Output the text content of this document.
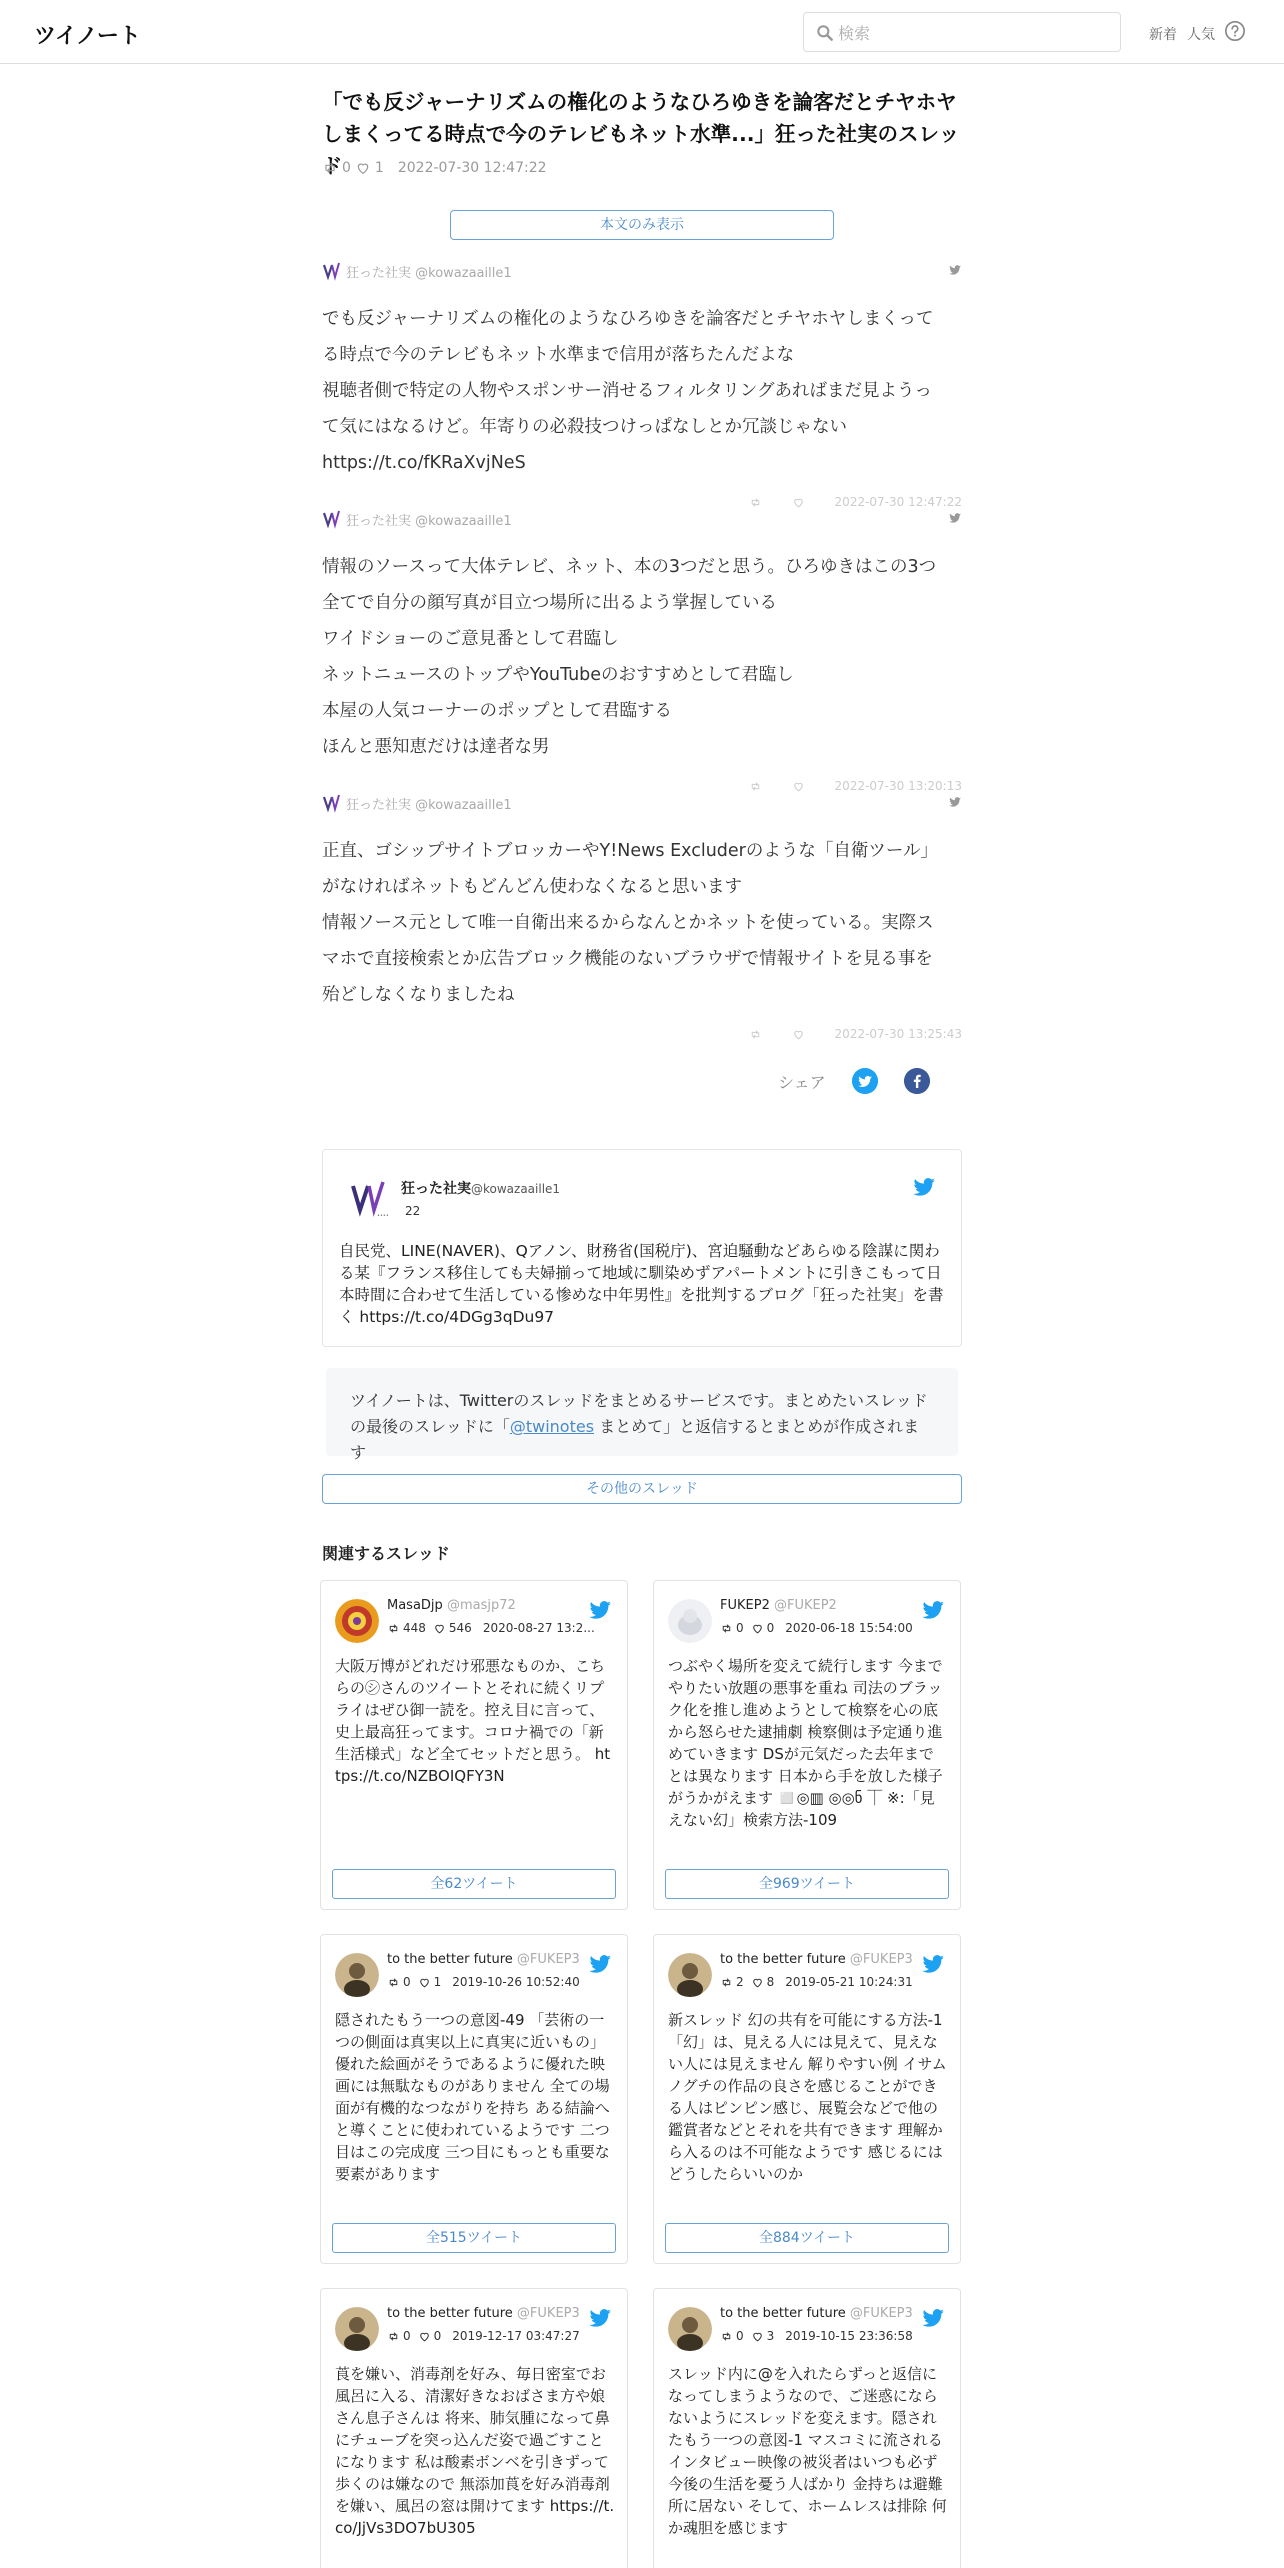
ツイノート
検索	新着 人気
「でも反ジャーナリズムの権化のようなひろゆきを論客だとチヤホヤしまくってる時点で今のテレビもネット水準...」狂った社実のスレッド 0 1 2022-07-30 12:47:22
本文のみ表示
狂った社実 @kowazaaille1

でも反ジャーナリズムの権化のようなひろゆきを論客だとチヤホヤしまくって

る時点で今のテレビもネット水準まで信用が落ちたんだよな

視聴者側で特定の人物やスポンサー消せるフィルタリングあればまだ見ようっ

て気にはなるけど。年寄りの必殺技つけっぱなしとか冗談じゃない

https://t.co/fKRaXvjNeS

2022-07-30 12:47:22
狂った社実 @kowazaaille1

情報のソースって大体テレビ、ネット、本の3つだと思う。ひろゆきはこの3つ

全てで自分の顔写真が目立つ場所に出るよう掌握している

ワイドショーのご意見番として君臨し

ネットニュースのトップやYouTubeのおすすめとして君臨し

本屋の人気コーナーのポップとして君臨する

ほんと悪知恵だけは達者な男

2022-07-30 13:20:13
狂った社実 @kowazaaille1

正直、ゴシップサイトブロッカーやY!News Excluderのような「自衛ツール」

がなければネットもどんどん使わなくなると思います

情報ソース元として唯一自衛出来るからなんとかネットを使っている。実際ス

マホで直接検索とか広告ブロック機能のないブラウザで情報サイトを見る事を

殆どしなくなりましたね

2022-07-30 13:25:43
シェア
••••
狂った社実@kowazaaille1
22
自民党、LINE(NAVER)、Qアノン、財務省(国税庁)、宮迫騒動などあらゆる陰謀に関わる某『フランス移住しても夫婦揃って地域に馴染めずアパートメントに引きこもって日本時間に合わせて生活している惨めな中年男性』を批判するブログ「狂った社実」を書く https://t.co/4DGg3qDu97
ツイノートは、Twitterのスレッドをまとめるサービスです。まとめたいスレッドの最後のスレッドに「@twinotes まとめて」と返信するとまとめが作成されます
その他のスレッド
関連するスレッド
MasaDjp @masjp72
448 546 2020-08-27 13:2...
大阪万博がどれだけ邪悪なものか、こちらの㋛さんのツイートとそれに続くリプライはぜひ御一読を。控え目に言って、史上最高狂ってます。コロナ禍での「新生活様式」など全てセットだと思う。 https://t.co/NZBOIQFY3N
全62ツイート
FUKEP2 @FUKEP2
0 0 2020-06-18 15:54:00
つぶやく場所を変えて続行します 今までやりたい放題の悪事を重ね 司法のブラック化を推し進めようとして検察を心の底から怒らせた逮捕劇 検察側は予定通り進めていきます DSが元気だった去年までとは異なります 日本から手を放した様子がうかがえます ◻️◎▥ ◎◎ნ ⏉ ※:「見えない幻」検索方法-109
全969ツイート
to the better future @FUKEP3
0 1 2019-10-26 10:52:40
隠されたもう一つの意図-49 「芸術の一つの側面は真実以上に真実に近いもの」 優れた絵画がそうであるように優れた映画には無駄なものがありません 全ての場面が有機的なつながりを持ち ある結論へと導くことに使われているようです 二つ目はこの完成度 三つ目にもっとも重要な要素があります
全515ツイート
to the better future @FUKEP3
2 8 2019-05-21 10:24:31
新スレッド 幻の共有を可能にする方法-1 「幻」は、見える人には見えて、見えない人には見えません 解りやすい例 イサムノグチの作品の良さを感じることができる人はピンピン感じ、展覧会などで他の鑑賞者などとそれを共有できます 理解から入るのは不可能なようです 感じるにはどうしたらいいのか
全884ツイート
to the better future @FUKEP3
0 0 2019-12-17 03:47:27
莨を嫌い、消毒剤を好み、毎日密室でお風呂に入る、清潔好きなおばさま方や娘さん息子さんは 将来、肺気腫になって鼻にチューブを突っ込んだ姿で過ごすことになります 私は酸素ボンベを引きずって歩くのは嫌なので 無添加莨を好み消毒剤を嫌い、風呂の窓は開けてます https://t.co/JjVs3DO7bU305
to the better future @FUKEP3
0 3 2019-10-15 23:36:58
スレッド内に@を入れたらずっと返信になってしまうようなので、ご迷惑にならないようにスレッドを変えます。隠されたもう一つの意図-1 マスコミに流されるインタビュー映像の被災者はいつも必ず今後の生活を憂う人ばかり 金持ちは避難所に居ない そして、ホームレスは排除 何か魂胆を感じます
